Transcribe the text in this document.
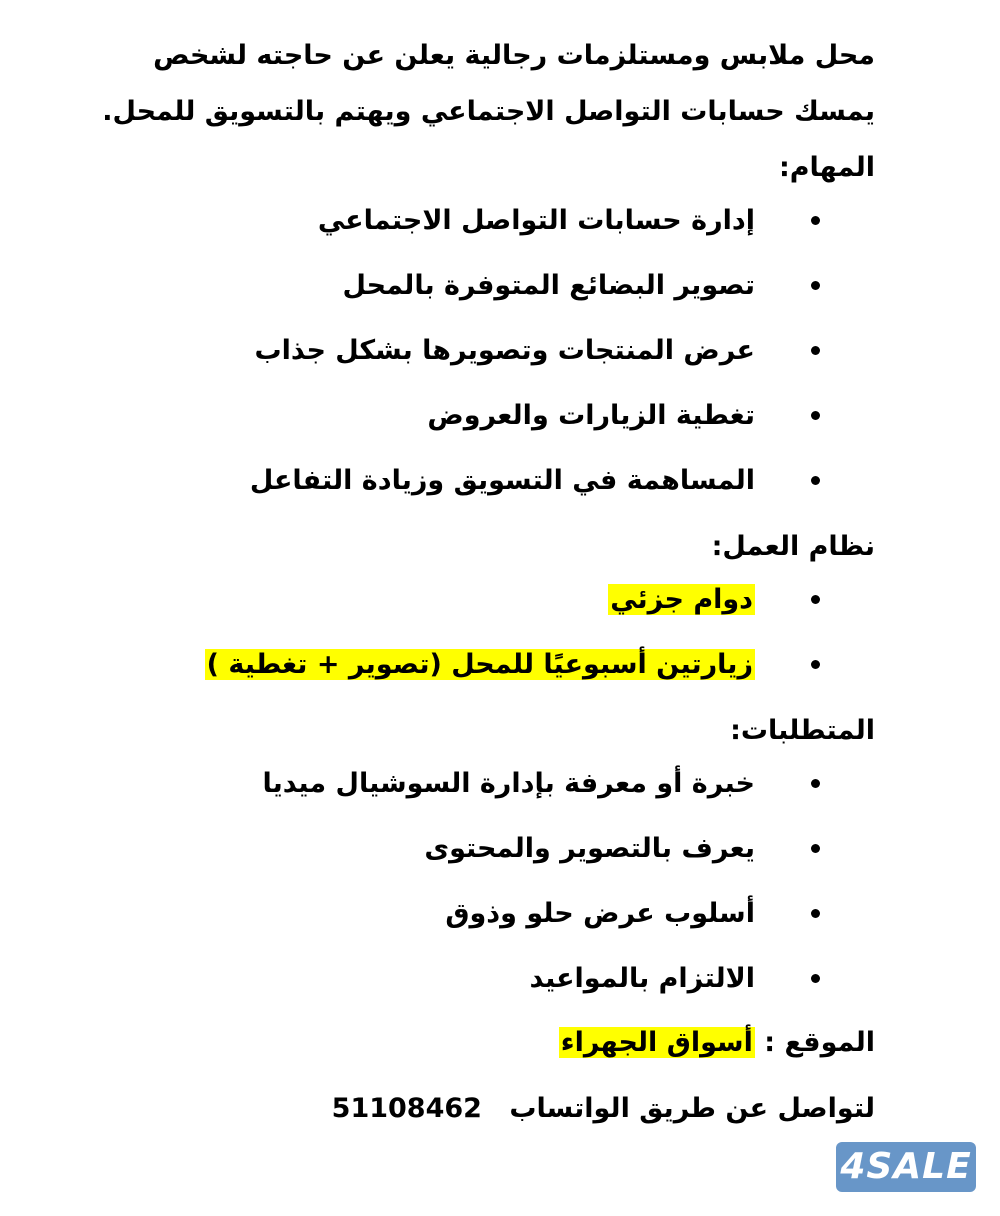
محل ملابس ومستلزمات رجالية يعلن عن حاجته لشخص
يمسك حسابات التواصل الاجتماعي ويهتم بالتسويق للمحل.

المهام:

إدارة حسابات التواصل الاجتماعي
تصوير البضائع المتوفرة بالمحل
عرض المنتجات وتصويرها بشكل جذاب
تغطية الزيارات والعروض
المساهمة في التسويق وزيادة التفاعل

نظام العمل:

دوام جزئي
زيارتين أسبوعيًا للمحل (تصوير + تغطية )

المتطلبات:

خبرة أو معرفة بإدارة السوشيال ميديا
يعرف بالتصوير والمحتوى
أسلوب عرض حلو وذوق
الالتزام بالمواعيد

الموقع : أسواق الجهراء

لتواصل عن طريق الواتساب 51108462

4SALE
